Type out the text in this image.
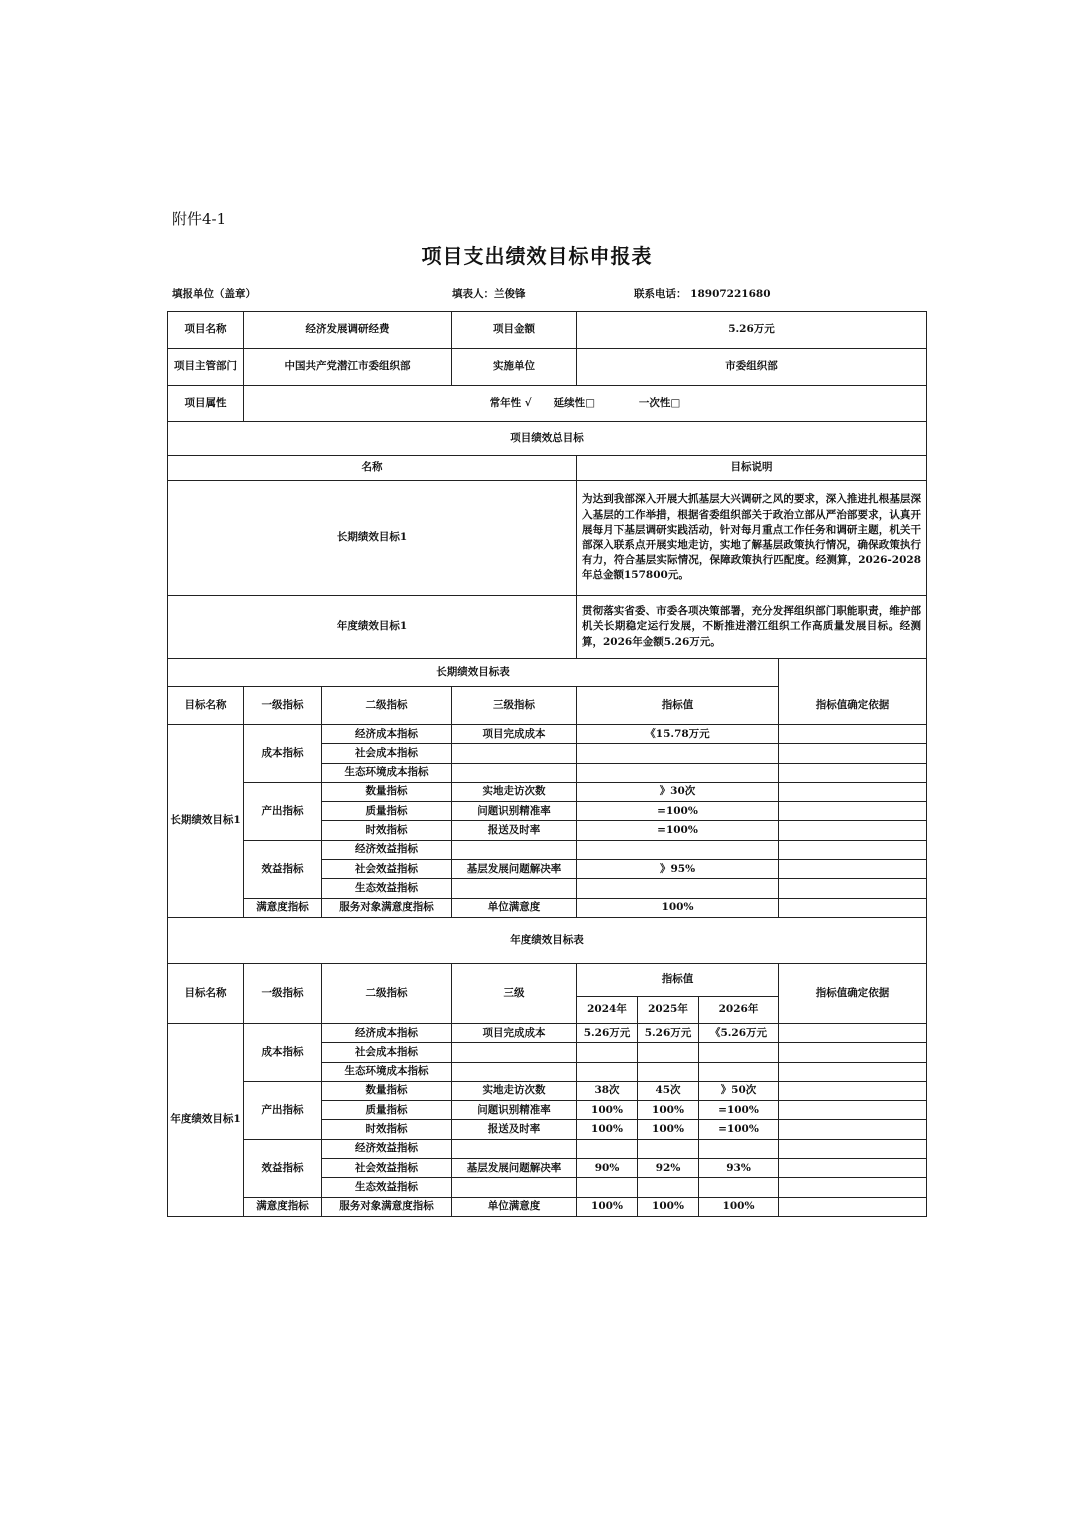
附件4-1
项目支出绩效目标申报表
填报单位（盖章）	填表人：兰俊锋	联系电话： 18907221680
项目名称	经济发展调研经费		项目金额	5.26万元			
项目主管部门	中国共产党潜江市委组织部		实施单位	市委组织部			
项目属性	常年性 √      延续性□            一次性□						
项目绩效总目标							
名称				目标说明			
长期绩效目标1				为达到我部深入开展大抓基层大兴调研之风的要求，深入推进扎根基层深入基层的工作举措，根据省委组织部关于政治立部从严治部要求，认真开展每月下基层调研实践活动，针对每月重点工作任务和调研主题，机关干部深入联系点开展实地走访，实地了解基层政策执行情况，确保政策执行有力，符合基层实际情况，保障政策执行匹配度。经测算，2026-2028年总金额157800元。			
年度绩效目标1				贯彻落实省委、市委各项决策部署，充分发挥组织部门职能职责，维护部机关长期稳定运行发展，不断推进潜江组织工作高质量发展目标。经测算，2026年金额5.26万元。			
长期绩效目标表							
目标名称	一级指标	二级指标	三级指标	指标值			指标值确定依据
长期绩效目标1	成本指标	经济成本指标	项目完成成本	《15.78万元			
		社会成本指标					
		生态环境成本指标					
	产出指标	数量指标	实地走访次数	》30次			
		质量指标	问题识别精准率	=100%			
		时效指标	报送及时率	=100%			
	效益指标	经济效益指标					
		社会效益指标	基层发展问题解决率	》95%			
		生态效益指标					
	满意度指标	服务对象满意度指标	单位满意度	100%			
年度绩效目标表							
目标名称	一级指标	二级指标	三级	指标值			指标值确定依据
				2024年	2025年	2026年	
年度绩效目标1	成本指标	经济成本指标	项目完成成本	5.26万元	5.26万元	《5.26万元	
		社会成本指标					
		生态环境成本指标					
	产出指标	数量指标	实地走访次数	38次	45次	》50次	
		质量指标	问题识别精准率	100%	100%	=100%	
		时效指标	报送及时率	100%	100%	=100%	
	效益指标	经济效益指标					
		社会效益指标	基层发展问题解决率	90%	92%	93%	
		生态效益指标					
	满意度指标	服务对象满意度指标	单位满意度	100%	100%	100%	
